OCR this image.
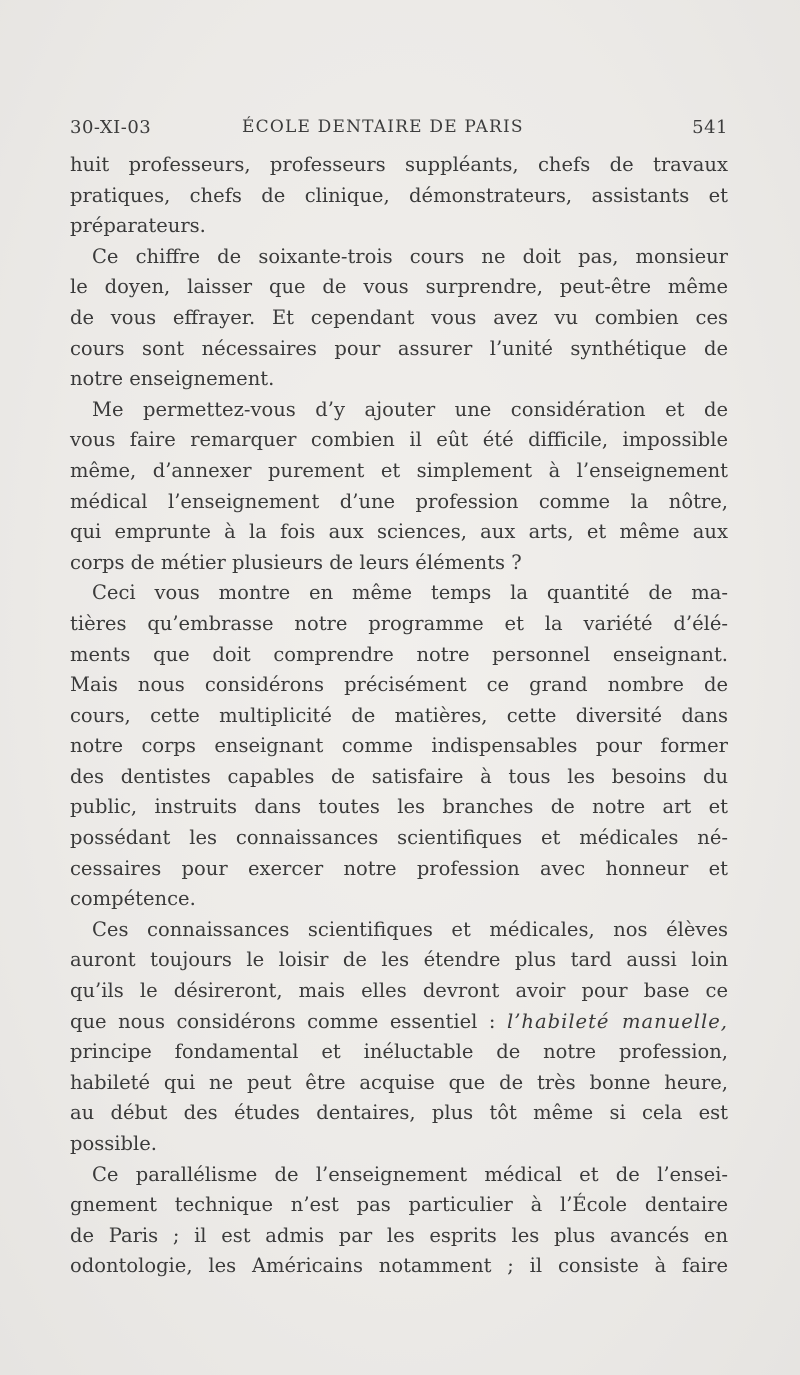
30-XI-03	ÉCOLE DENTAIRE DE PARIS	541
huit professeurs, professeurs suppléants, chefs de travaux
pratiques, chefs de clinique, démonstrateurs, assistants et
préparateurs.
Ce chiffre de soixante-trois cours ne doit pas, monsieur
le doyen, laisser que de vous surprendre, peut-être même
de vous effrayer. Et cependant vous avez vu combien ces
cours sont nécessaires pour assurer l’unité synthétique de
notre enseignement.
Me permettez-vous d’y ajouter une considération et de
vous faire remarquer combien il eût été difficile, impossible
même, d’annexer purement et simplement à l’enseignement
médical l’enseignement d’une profession comme la nôtre,
qui emprunte à la fois aux sciences, aux arts, et même aux
corps de métier plusieurs de leurs éléments ?
Ceci vous montre en même temps la quantité de ma-
tières qu’embrasse notre programme et la variété d’élé-
ments que doit comprendre notre personnel enseignant.
Mais nous considérons précisément ce grand nombre de
cours, cette multiplicité de matières, cette diversité dans
notre corps enseignant comme indispensables pour former
des dentistes capables de satisfaire à tous les besoins du
public, instruits dans toutes les branches de notre art et
possédant les connaissances scientifiques et médicales né-
cessaires pour exercer notre profession avec honneur et
compétence.
Ces connaissances scientifiques et médicales, nos élèves
auront toujours le loisir de les étendre plus tard aussi loin
qu’ils le désireront, mais elles devront avoir pour base ce
que nous considérons comme essentiel : l’habileté manuelle,
principe fondamental et inéluctable de notre profession,
habileté qui ne peut être acquise que de très bonne heure,
au début des études dentaires, plus tôt même si cela est
possible.
Ce parallélisme de l’enseignement médical et de l’ensei-
gnement technique n’est pas particulier à l’École dentaire
de Paris ; il est admis par les esprits les plus avancés en
odontologie, les Américains notamment ; il consiste à faire
